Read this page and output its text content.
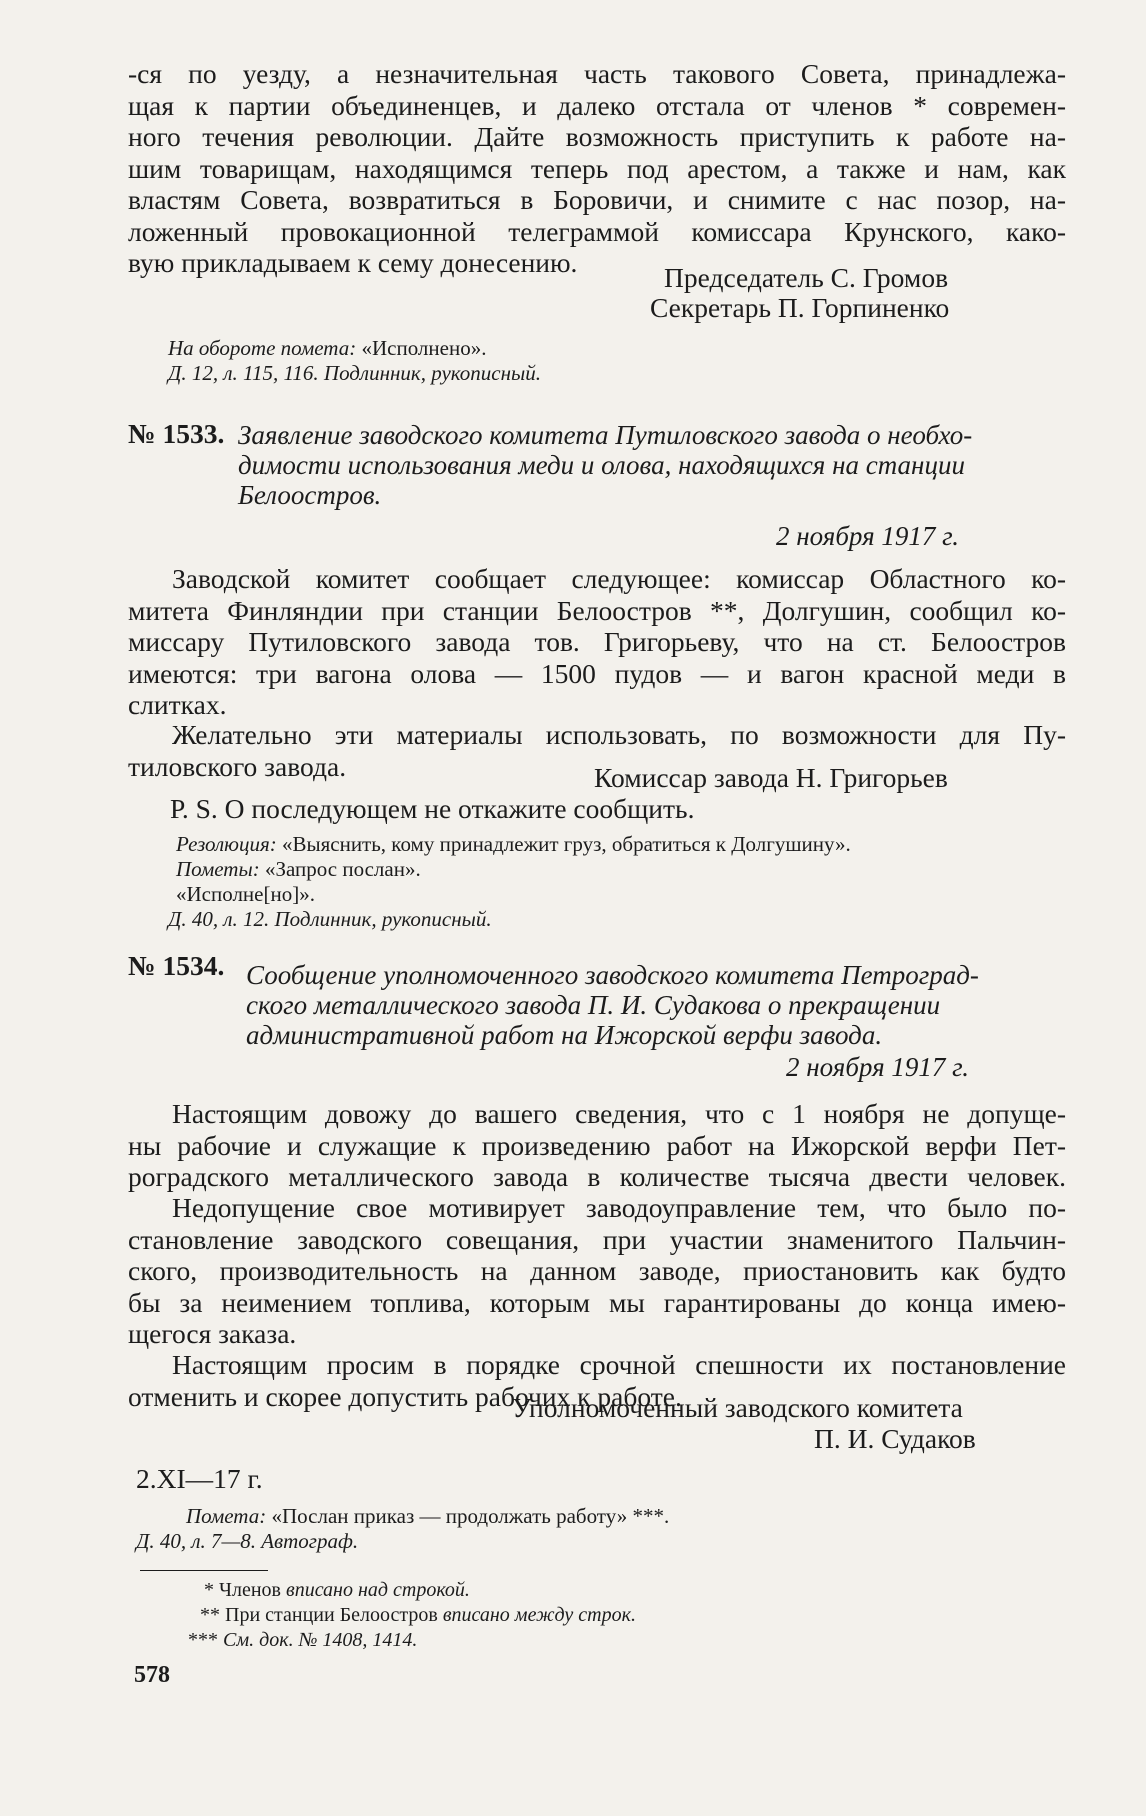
-ся по уезду, а незначительная часть таковогo Совета, принадлежа-
щая к партии объединенцев, и далеко отстала от членов * современ-
ного течения революции. Дайте возможность приступить к работе на-
шим товарищам, находящимся теперь под арестом, а также и нам, как
властям Совета, возвратиться в Боровичи, и снимите с нас позор, на-
ложенный провокационной телеграммой комиссара Крунского, како-
вую прикладываем к сему донесению.	Председатель С. Громов
Секретарь П. Горпиненко
На обороте помета: «Исполнено».
Д. 12, л. 115, 116. Подлинник, рукописный.
№ 1533. Заявление заводского комитета Путиловского завода о необхо-
димости использования меди и олова, находящихся на станции
Белоостров.
2 ноября 1917 г.
Заводской комитет сообщает следующее: комиссар Областного ко-
митета Финляндии при станции Белоостров **, Долгушин, сообщил ко-
миссару Путиловского завода тов. Григорьеву, что на ст. Белоостров
имеются: три вагона олова — 1500 пудов — и вагон красной меди в
слитках.
Желательно эти материалы использовать, по возможности для Пу-
тиловского завода.	Комиссар завода Н. Григорьев
Р. S. О последующем не откажите сообщить.
Резолюция: «Выяснить, кому принадлежит груз, обратиться к Долгушину».
Пометы: «Запрос послан».
«Исполне[но]».
Д. 40, л. 12. Подлинник, рукописный.
№ 1534. Сообщение уполномоченного заводского комитета Петроград-
ского металлического завода П. И. Судакова о прекращении
административной работ на Ижорской верфи завода.
2 ноября 1917 г.
Настоящим довожу до вашего сведения, что с 1 ноября не допуще-
ны рабочие и служащие к произведению работ на Ижорской верфи Пет-
роградского металлического завода в количестве тысяча двести человек.
Недопущение свое мотивирует заводоуправление тем, что было по-
становление заводского совещания, при участии знаменитого Пальчин-
ского, производительность на данном заводе, приостановить как будто
бы за неимением топлива, которым мы гарантированы до конца имею-
щегося заказа.
Настоящим просим в порядке срочной спешности их постановление
отменить и скорее допустить рабочих к работе.
Уполномоченный заводского комитета
П. И. Судаков
2.XI—17 г.
Помета: «Послан приказ — продолжать работу» ***.
Д. 40, л. 7—8. Автограф.
* Членов вписано над строкой.
** При станции Белоостров вписано между строк.
*** См. док. № 1408, 1414.
578
